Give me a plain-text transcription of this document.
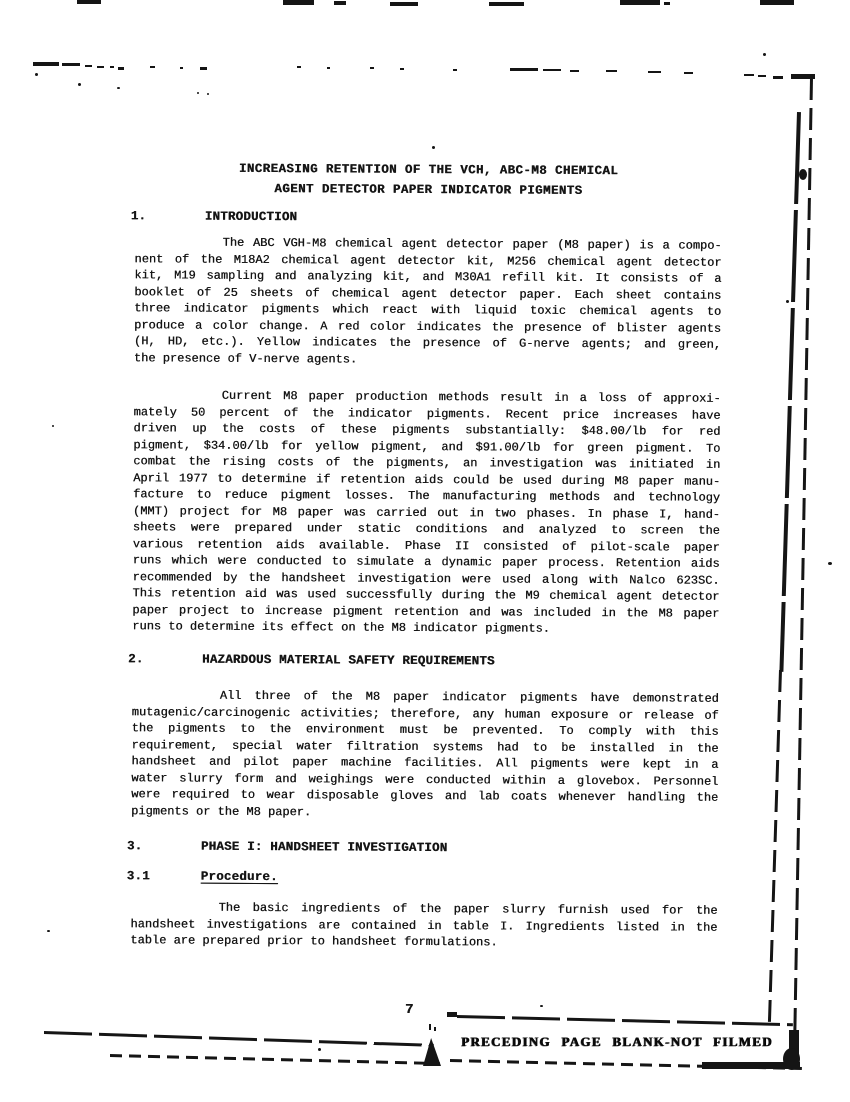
INCREASING RETENTION OF THE VCH, ABC-M8 CHEMICAL
AGENT DETECTOR PAPER INDICATOR PIGMENTS
1.	INTRODUCTION
The ABC VGH-M8 chemical agent detector paper (M8 paper) is a compo-
nent of the M18A2 chemical agent detector kit, M256 chemical agent detector
kit, M19 sampling and analyzing kit, and M30A1 refill kit. It consists of a
booklet of 25 sheets of chemical agent detector paper. Each sheet contains
three indicator pigments which react with liquid toxic chemical agents to
produce a color change. A red color indicates the presence of blister agents
(H, HD, etc.). Yellow indicates the presence of G-nerve agents; and green,
the presence of V-nerve agents.
Current M8 paper production methods result in a loss of approxi-
mately 50 percent of the indicator pigments. Recent price increases have
driven up the costs of these pigments substantially: $48.00/lb for red
pigment, $34.00/lb for yellow pigment, and $91.00/lb for green pigment. To
combat the rising costs of the pigments, an investigation was initiated in
April 1977 to determine if retention aids could be used during M8 paper manu-
facture to reduce pigment losses. The manufacturing methods and technology
(MMT) project for M8 paper was carried out in two phases. In phase I, hand-
sheets were prepared under static conditions and analyzed to screen the
various retention aids available. Phase II consisted of pilot-scale paper
runs which were conducted to simulate a dynamic paper process. Retention aids
recommended by the handsheet investigation were used along with Nalco 623SC.
This retention aid was used successfully during the M9 chemical agent detector
paper project to increase pigment retention and was included in the M8 paper
runs to determine its effect on the M8 indicator pigments.
2.	HAZARDOUS MATERIAL SAFETY REQUIREMENTS
All three of the M8 paper indicator pigments have demonstrated
mutagenic/carcinogenic activities; therefore, any human exposure or release of
the pigments to the environment must be prevented. To comply with this
requirement, special water filtration systems had to be installed in the
handsheet and pilot paper machine facilities. All pigments were kept in a
water slurry form and weighings were conducted within a glovebox. Personnel
were required to wear disposable gloves and lab coats whenever handling the
pigments or the M8 paper.
3.	PHASE I: HANDSHEET INVESTIGATION
3.1	Procedure.
The basic ingredients of the paper slurry furnish used for the
handsheet investigations are contained in table I. Ingredients listed in the
table are prepared prior to handsheet formulations.
7
PRECEDING PAGE BLANK-NOT FILMED
